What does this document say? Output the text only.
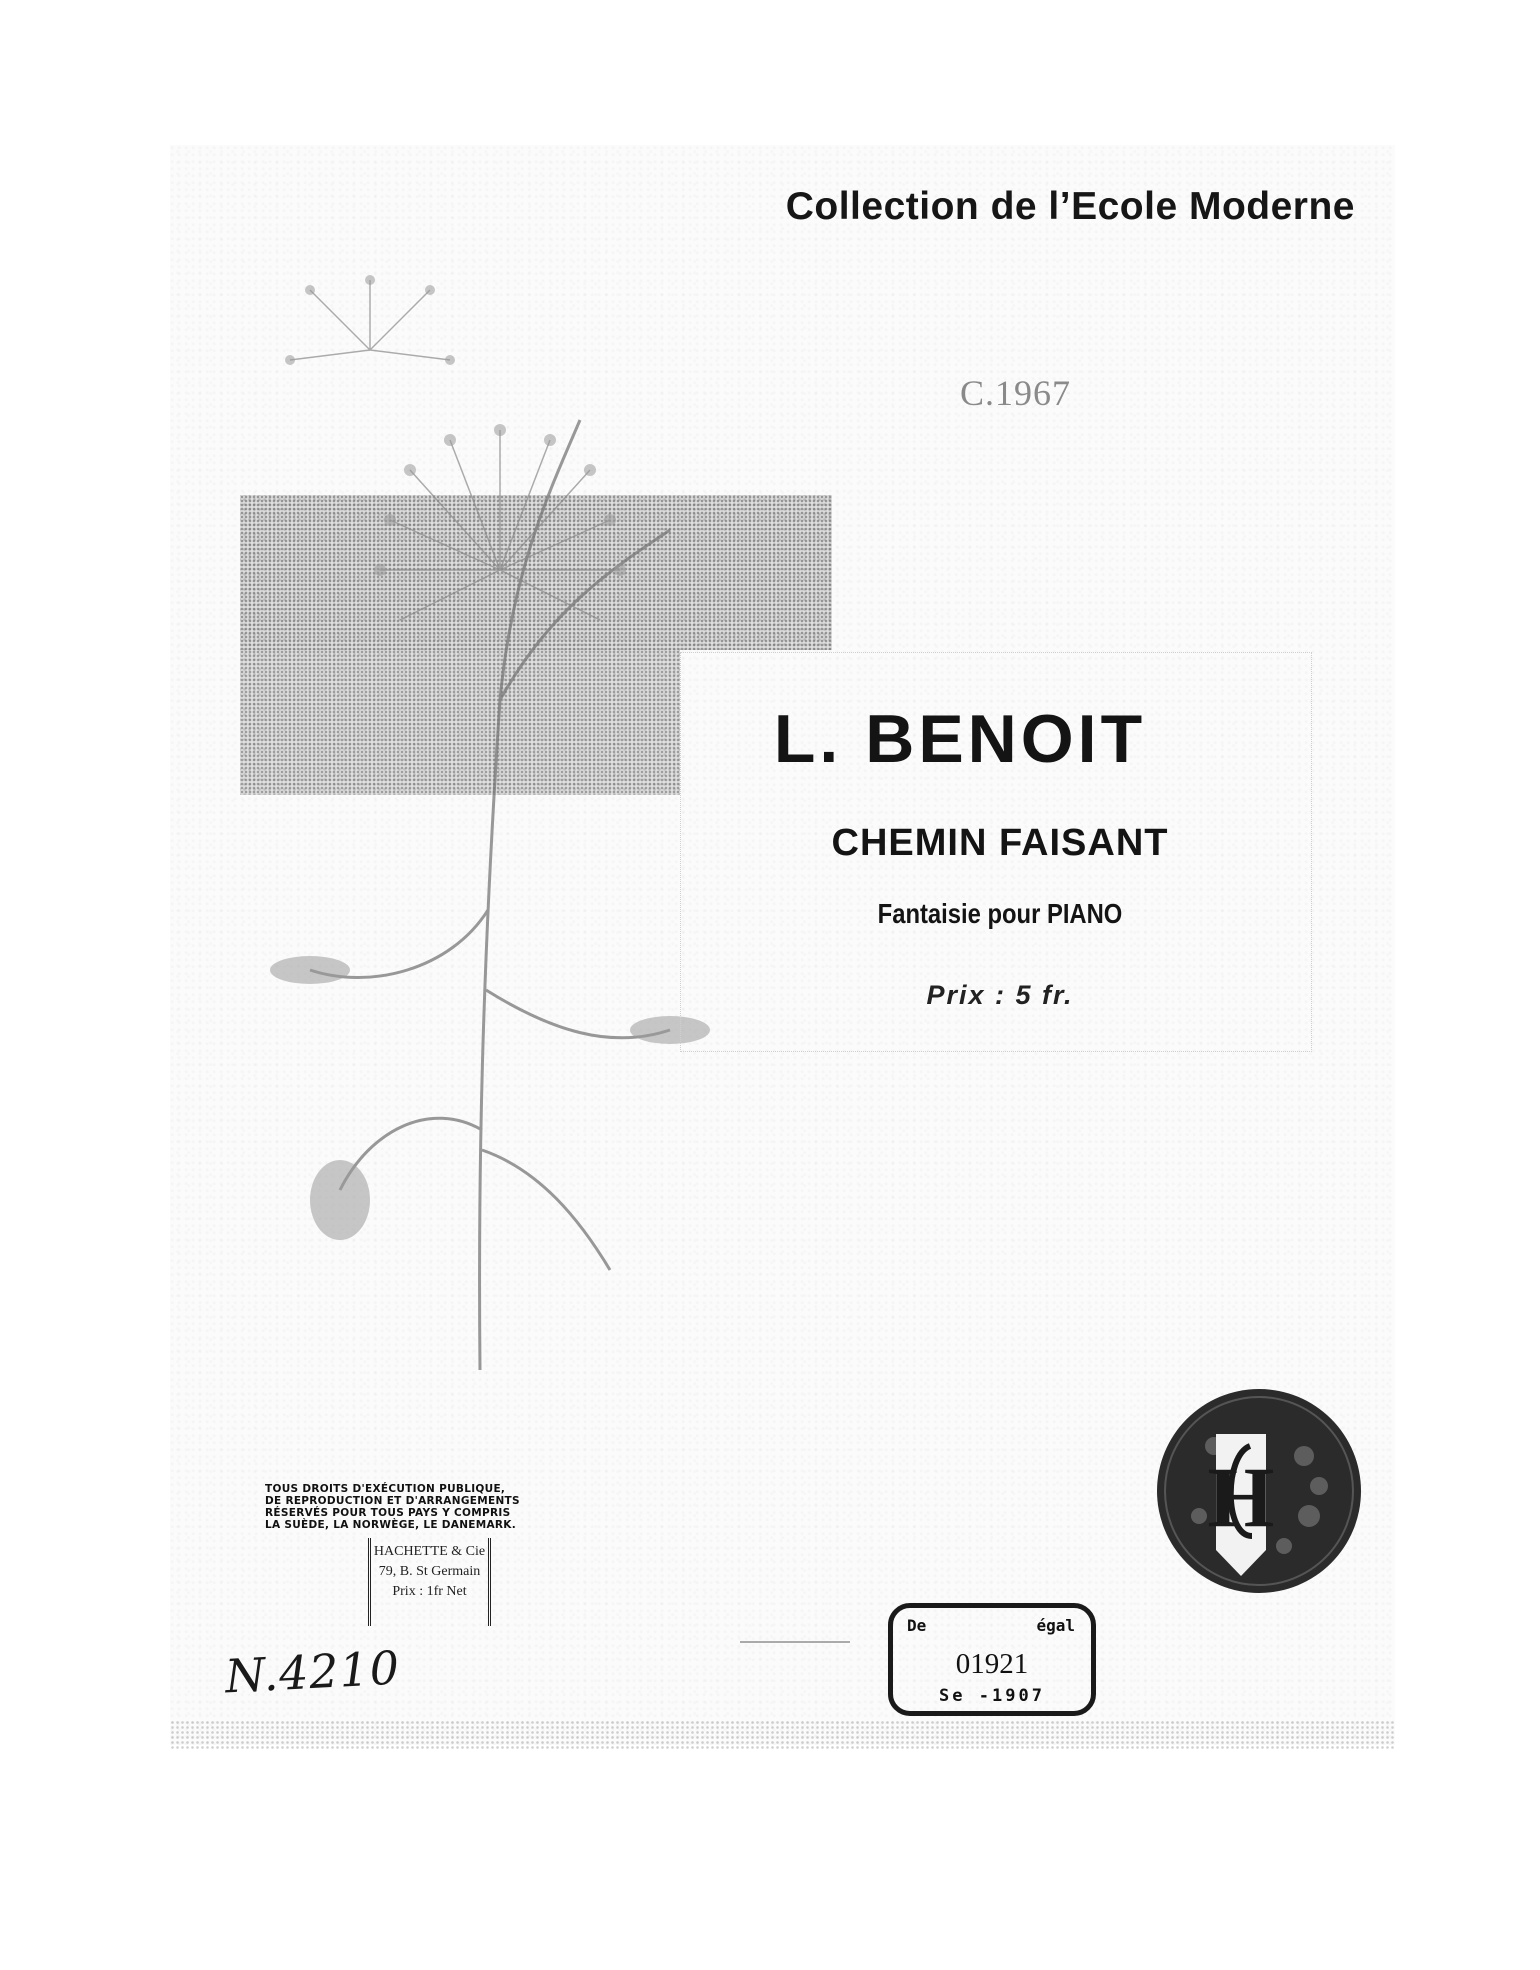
Collection de l’Ecole Moderne
C.1967
L. BENOIT
CHEMIN FAISANT
Fantaisie pour PIANO
Prix : 5 fr.
TOUS DROITS D'EXÉCUTION PUBLIQUE,
DE REPRODUCTION ET D'ARRANGEMENTS
RÉSERVÉS POUR TOUS PAYS Y COMPRIS
LA SUÈDE, LA NORWÈGE, LE DANEMARK.
HACHETTE & Cie
79, B. St Germain
Prix : 1fr Net
H
De	égal
01921
Se -1907
N.4210
